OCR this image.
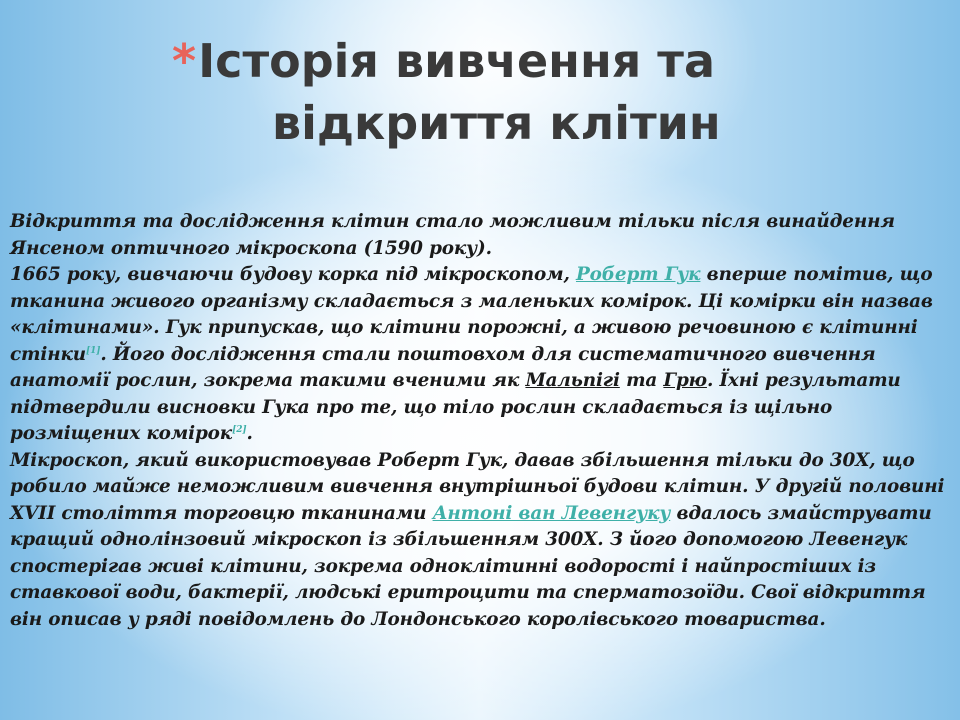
*Історія вивчення та
відкриття клітин

Відкриття та дослідження клітин стало можливим тільки після винайдення Янсеном оптичного мікроскопа (1590 року).

1665 року, вивчаючи будову корка під мікроскопом, Роберт Гук вперше помітив, що тканина живого організму складається з маленьких комірок. Ці комірки він назвав «клітинами». Гук припускав, що клітини порожні, а живою речовиною є клітинні стінки[1]. Його дослідження стали поштовхом для систематичного вивчення анатомії рослин, зокрема такими вченими як Мальпігі та Грю. Їхні результати підтвердили висновки Гука про те, що тіло рослин складається із щільно розміщених комірок[2].

Мікроскоп, який використовував Роберт Гук, давав збільшення тільки до 30Х, що робило майже неможливим вивчення внутрішньої будови клітин. У другій половині XVII століття торговцю тканинами Антоні ван Левенгуку вдалось змайструвати кращий однолінзовий мікроскоп із збільшенням 300Х. З його допомогою Левенгук спостерігав живі клітини, зокрема одноклітинні водорості і найпростіших із ставкової води, бактерії, людські еритроцити та сперматозоїди. Свої відкриття він описав у ряді повідомлень до Лондонського королівського товариства.
